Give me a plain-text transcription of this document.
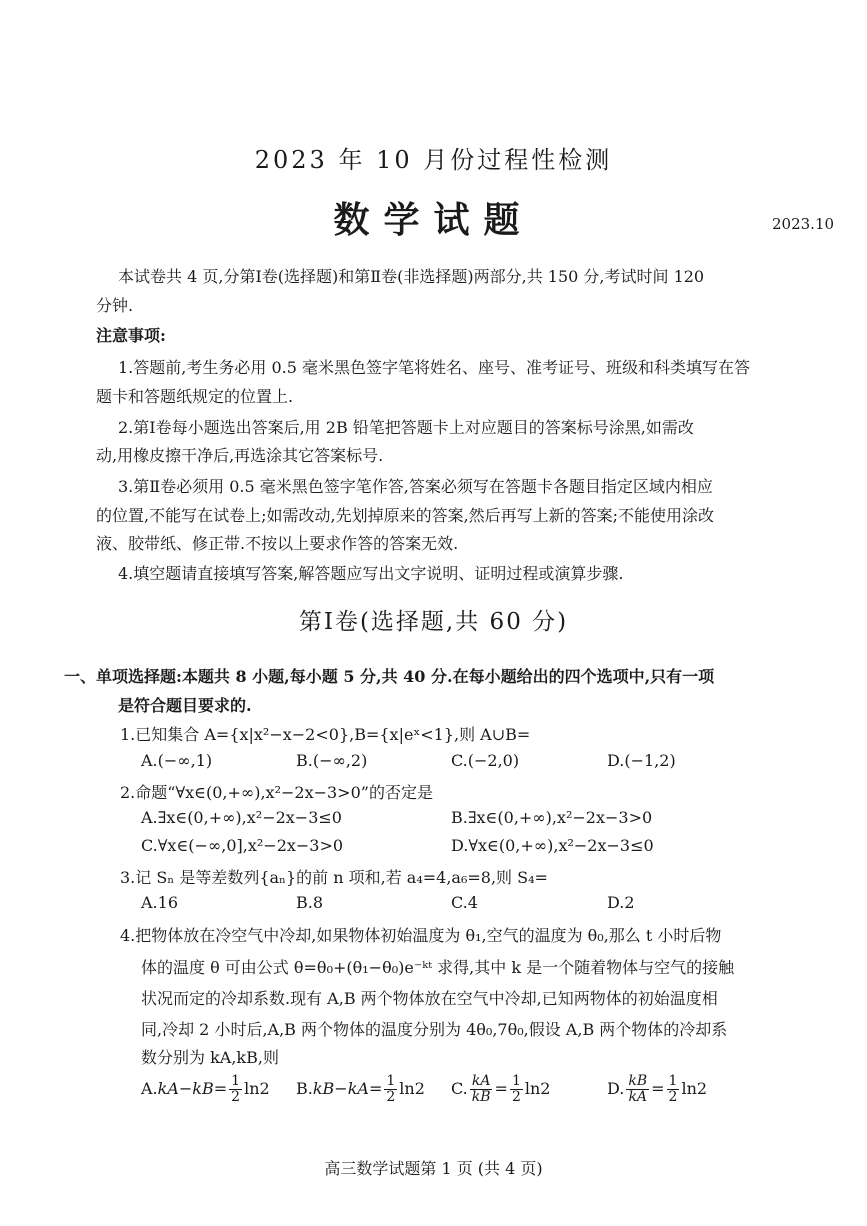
2023 年 10 月份过程性检测
数学试题	2023.10
本试卷共 4 页,分第Ⅰ卷(选择题)和第Ⅱ卷(非选择题)两部分,共 150 分,考试时间 120
分钟.
注意事项:
1.答题前,考生务必用 0.5 毫米黑色签字笔将姓名、座号、准考证号、班级和科类填写在答
题卡和答题纸规定的位置上.
2.第Ⅰ卷每小题选出答案后,用 2B 铅笔把答题卡上对应题目的答案标号涂黑,如需改
动,用橡皮擦干净后,再选涂其它答案标号.
3.第Ⅱ卷必须用 0.5 毫米黑色签字笔作答,答案必须写在答题卡各题目指定区域内相应
的位置,不能写在试卷上;如需改动,先划掉原来的答案,然后再写上新的答案;不能使用涂改
液、胶带纸、修正带.不按以上要求作答的答案无效.
4.填空题请直接填写答案,解答题应写出文字说明、证明过程或演算步骤.
第Ⅰ卷(选择题,共 60 分)
一、单项选择题:本题共 8 小题,每小题 5 分,共 40 分.在每小题给出的四个选项中,只有一项
是符合题目要求的.
1.已知集合 A={x|x²−x−2<0},B={x|eˣ<1},则 A∪B=
A.(−∞,1)	B.(−∞,2)	C.(−2,0)	D.(−1,2)
2.命题“∀x∈(0,+∞),x²−2x−3>0”的否定是
A.∃x∈(0,+∞),x²−2x−3≤0	B.∃x∈(0,+∞),x²−2x−3>0
C.∀x∈(−∞,0],x²−2x−3>0	D.∀x∈(0,+∞),x²−2x−3≤0
3.记 Sₙ 是等差数列{aₙ}的前 n 项和,若 a₄=4,a₆=8,则 S₄=
A.16	B.8	C.4	D.2
4.把物体放在冷空气中冷却,如果物体初始温度为 θ₁,空气的温度为 θ₀,那么 t 小时后物
体的温度 θ 可由公式 θ=θ₀+(θ₁−θ₀)e⁻ᵏᵗ 求得,其中 k 是一个随着物体与空气的接触
状况而定的冷却系数.现有 A,B 两个物体放在空气中冷却,已知两物体的初始温度相
同,冷却 2 小时后,A,B 两个物体的温度分别为 4θ₀,7θ₀,假设 A,B 两个物体的冷却系
数分别为 kA,kB,则
$A.kA-kB= \frac{1}{2} \ln 2$ $B.kB-kA= \frac{1}{2} \ln 2$ C. $\frac{kA}{kB} = \frac{1}{2} \ln 2$	D. $\frac{kB}{kA} = \frac{1}{2} \ln 2$
高三数学试题第 1 页 (共 4 页)
